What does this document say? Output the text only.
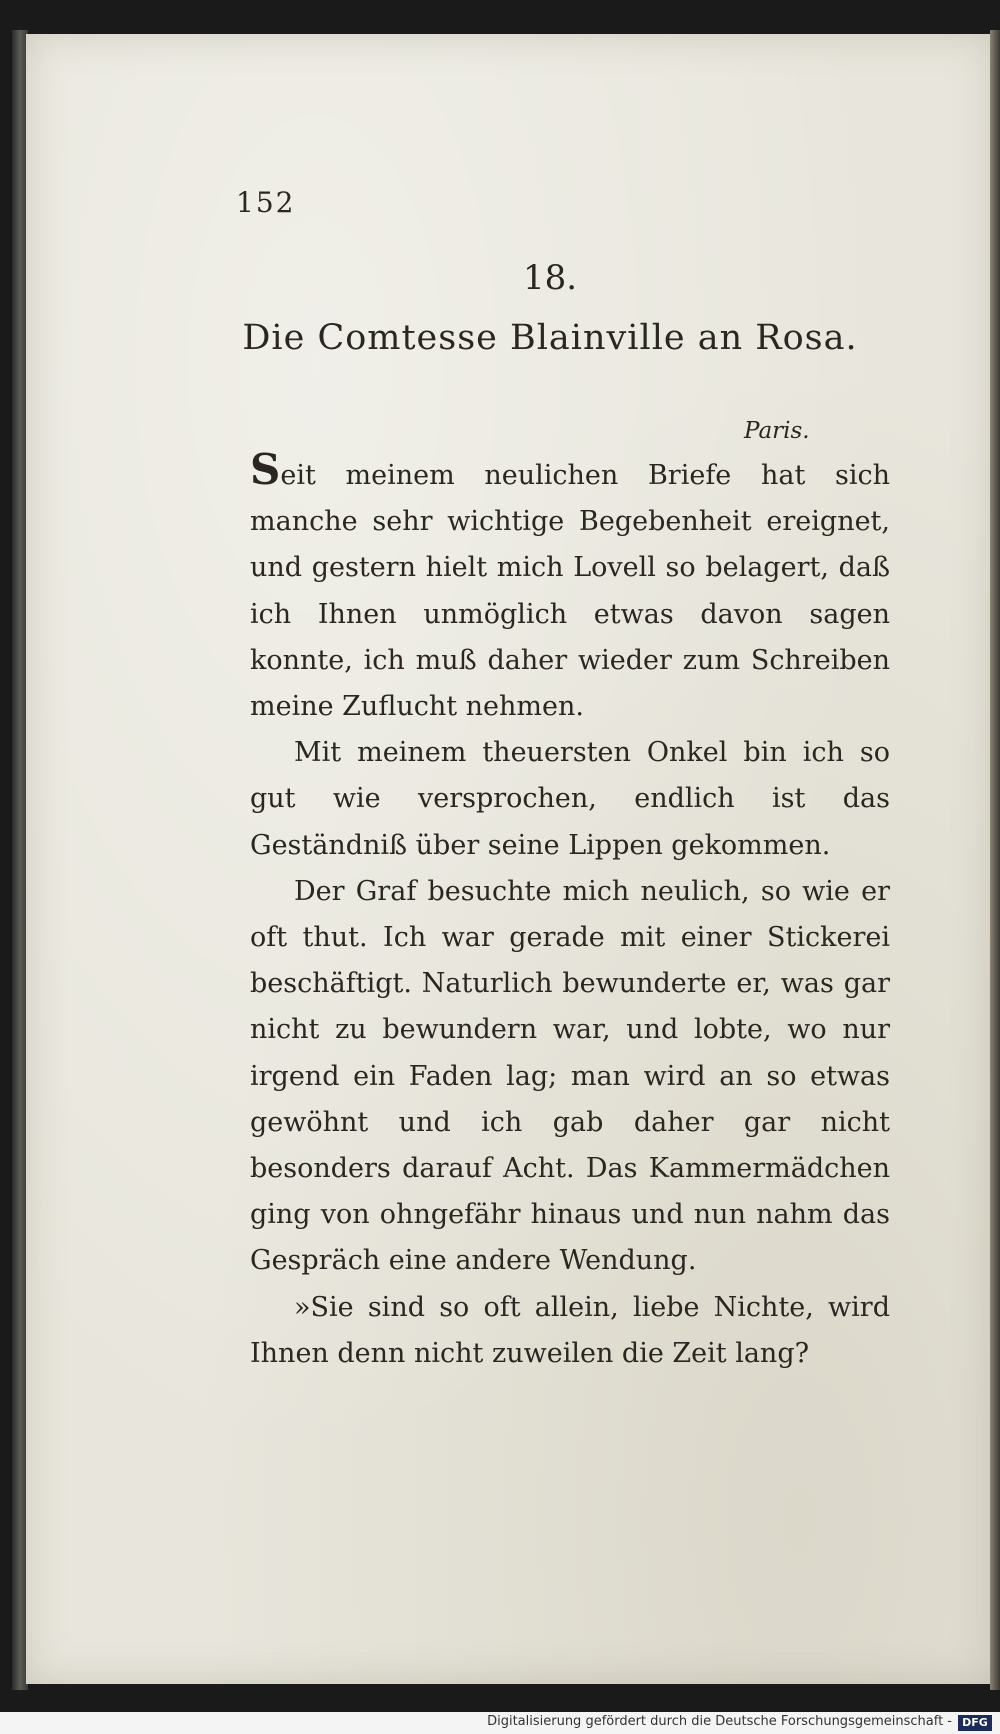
152
18.
Die Comtesse Blainville an Rosa.
Paris.

Seit meinem neulichen Briefe hat sich manche sehr wichtige Begebenheit ereignet, und gestern hielt mich Lovell so belagert, daß ich Ihnen unmöglich etwas davon sagen konnte, ich muß daher wieder zum Schreiben meine Zuflucht nehmen.

Mit meinem theuersten Onkel bin ich so gut wie versprochen, endlich ist das Geständniß über seine Lippen gekommen.

Der Graf besuchte mich neulich, so wie er oft thut. Ich war gerade mit einer Stickerei beschäftigt. Naturlich bewunderte er, was gar nicht zu bewundern war, und lobte, wo nur irgend ein Faden lag; man wird an so etwas gewöhnt und ich gab daher gar nicht besonders darauf Acht. Das Kammermädchen ging von ohngefähr hinaus und nun nahm das Gespräch eine andere Wendung.

»Sie sind so oft allein, liebe Nichte, wird Ihnen denn nicht zuweilen die Zeit lang?

Digitalisierung gefördert durch die Deutsche Forschungsgemeinschaft - DFG
